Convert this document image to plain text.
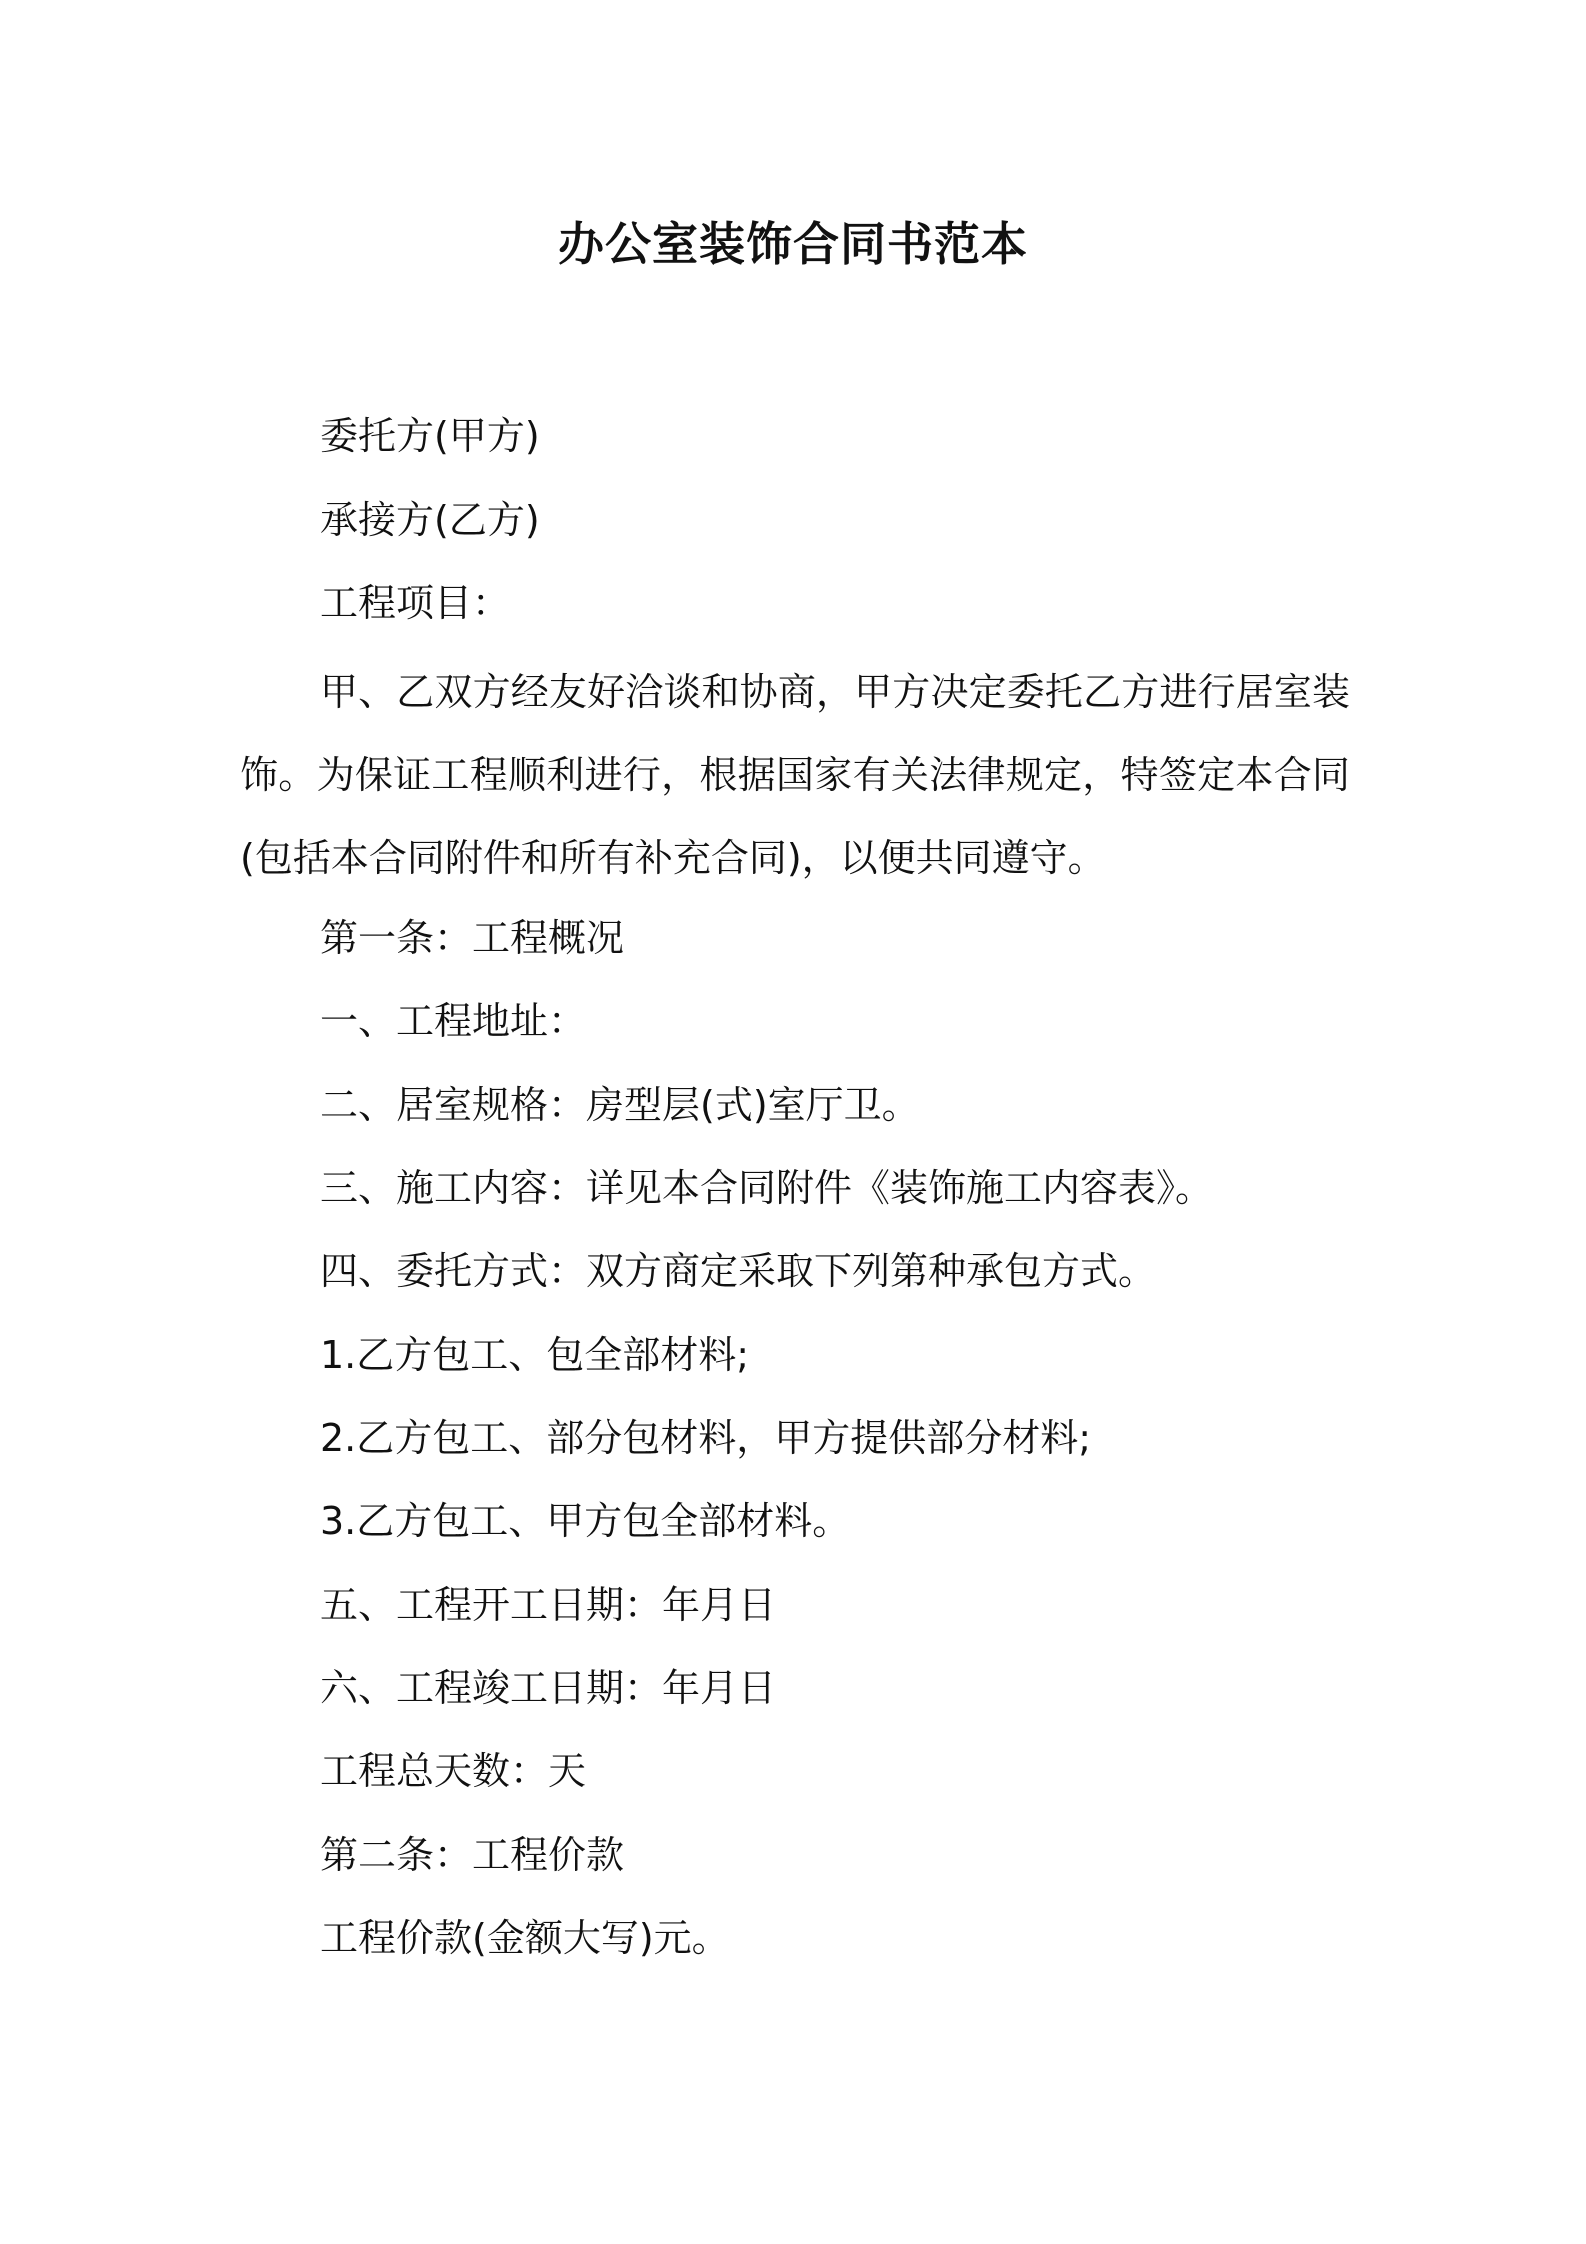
办公室装饰合同书范本

委托方(甲方)

承接方(乙方)

工程项目：

甲、乙双方经友好洽谈和协商，甲方决定委托乙方进行居室装饰。为保证工程顺利进行，根据国家有关法律规定，特签定本合同(包括本合同附件和所有补充合同)，以便共同遵守。

第一条：工程概况

一、工程地址：

二、居室规格：房型层(式)室厅卫。

三、施工内容：详见本合同附件《装饰施工内容表》。

四、委托方式：双方商定采取下列第种承包方式。

1.乙方包工、包全部材料;

2.乙方包工、部分包材料，甲方提供部分材料;

3.乙方包工、甲方包全部材料。

五、工程开工日期：年月日

六、工程竣工日期：年月日

工程总天数：天

第二条：工程价款

工程价款(金额大写)元。
